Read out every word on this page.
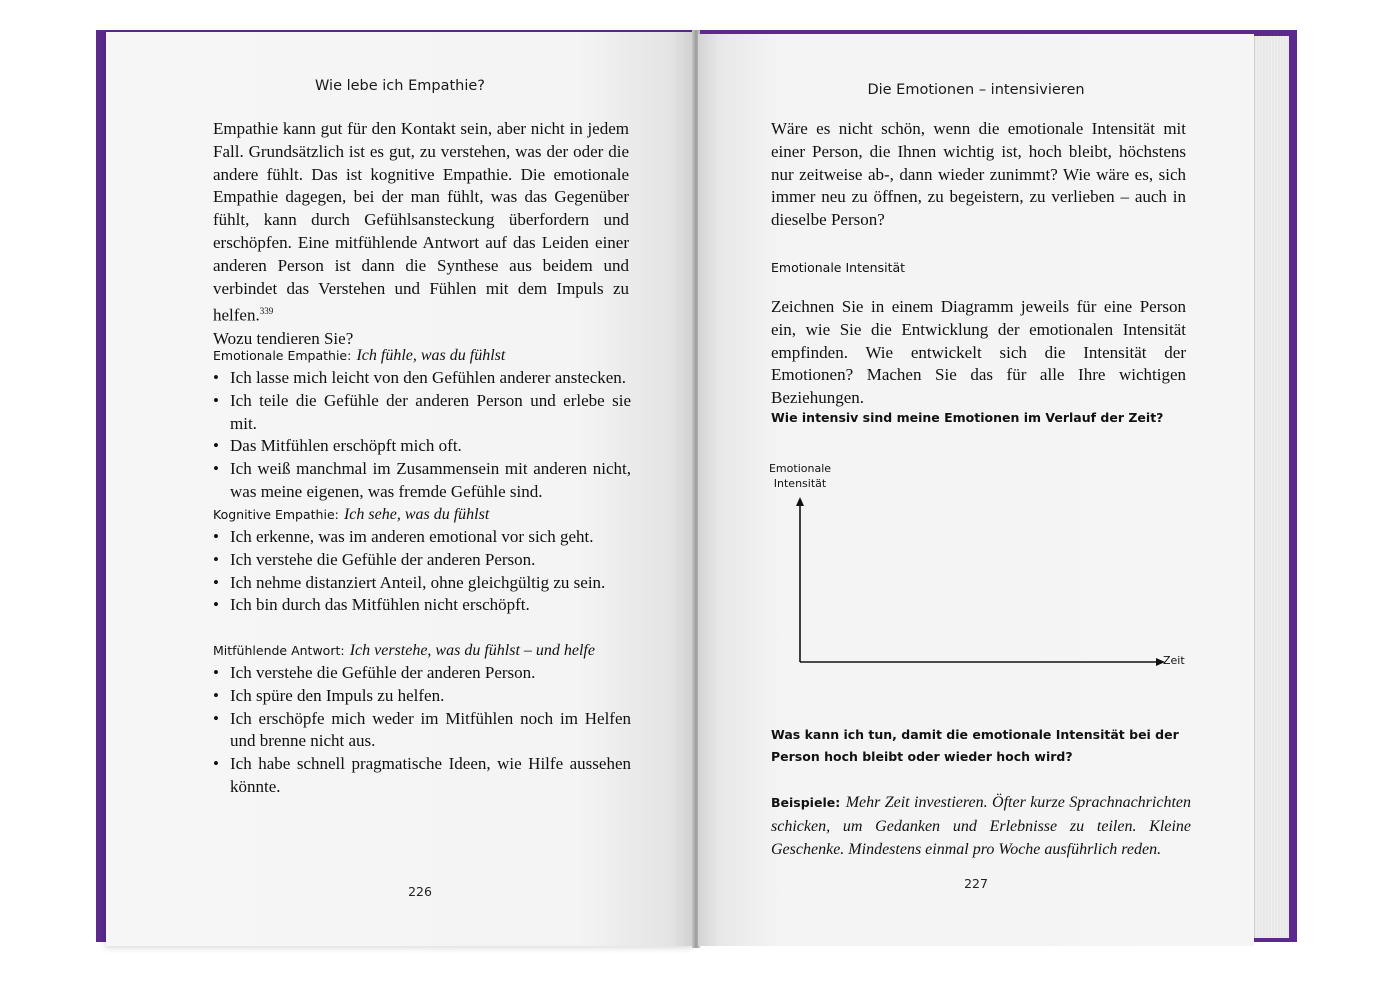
Wie lebe ich Empathie?
Empathie kann gut für den Kontakt sein, aber nicht in jedem Fall. Grundsätzlich ist es gut, zu verstehen, was der oder die andere fühlt. Das ist kognitive Empathie. Die emotionale Empathie dagegen, bei der man fühlt, was das Gegenüber fühlt, kann durch Gefühlsansteckung überfordern und erschöpfen. Eine mitfühlende Antwort auf das Leiden einer anderen Person ist dann die Synthese aus beidem und verbindet das Verstehen und Fühlen mit dem Impuls zu helfen.$^{339}$
Wozu tendieren Sie?
Emotionale Empathie: Ich fühle, was du fühlst
• Ich lasse mich leicht von den Gefühlen anderer anstecken.
• Ich teile die Gefühle der anderen Person und erlebe sie mit.
• Das Mitfühlen erschöpft mich oft.
• Ich weiß manchmal im Zusammensein mit anderen nicht, was meine eigenen, was fremde Gefühle sind.
Kognitive Empathie: Ich sehe, was du fühlst
• Ich erkenne, was im anderen emotional vor sich geht.
• Ich verstehe die Gefühle der anderen Person.
• Ich nehme distanziert Anteil, ohne gleichgültig zu sein.
• Ich bin durch das Mitfühlen nicht erschöpft.
Mitfühlende Antwort: Ich verstehe, was du fühlst – und helfe
• Ich verstehe die Gefühle der anderen Person.
• Ich spüre den Impuls zu helfen.
• Ich erschöpfe mich weder im Mitfühlen noch im Helfen und brenne nicht aus.
• Ich habe schnell pragmatische Ideen, wie Hilfe aussehen könnte.
226
Die Emotionen – intensivieren
Wäre es nicht schön, wenn die emotionale Intensität mit einer Person, die Ihnen wichtig ist, hoch bleibt, höchstens nur zeitweise ab-, dann wieder zunimmt? Wie wäre es, sich immer neu zu öffnen, zu begeistern, zu verlieben – auch in dieselbe Person?
Emotionale Intensität
Zeichnen Sie in einem Diagramm jeweils für eine Person ein, wie Sie die Entwicklung der emotionalen Intensität empfinden. Wie entwickelt sich die Intensität der Emotionen? Machen Sie das für alle Ihre wichtigen Beziehungen.
Wie intensiv sind meine Emotionen im Verlauf der Zeit?
Emotionale
Intensität
Zeit
Was kann ich tun, damit die emotionale Intensität bei der Person hoch bleibt oder wieder hoch wird?
Beispiele: Mehr Zeit investieren. Öfter kurze Sprachnachrichten schicken, um Gedanken und Erlebnisse zu teilen. Kleine Geschenke. Mindestens einmal pro Woche ausführlich reden.
227
